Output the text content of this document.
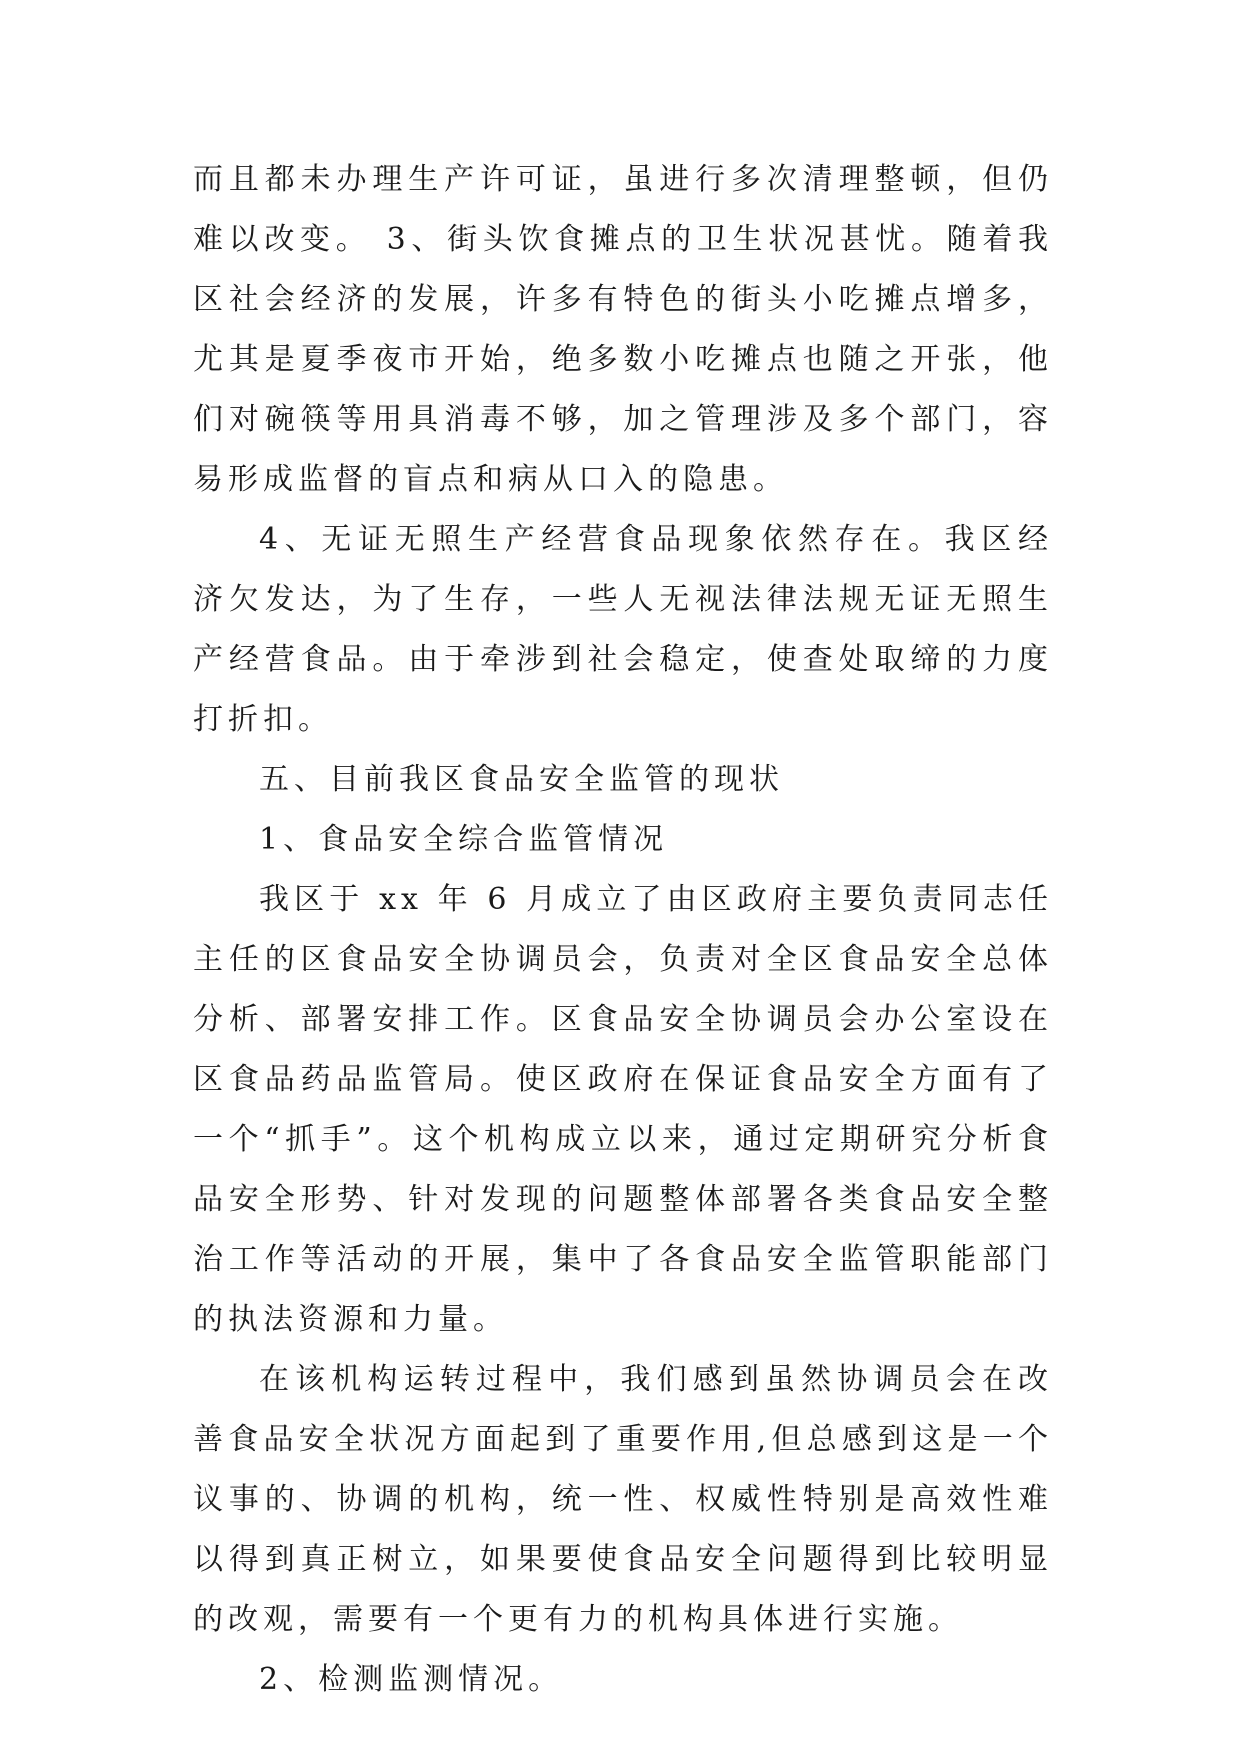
而且都未办理生产许可证，虽进行多次清理整顿，但仍难以改变。 3、街头饮食摊点的卫生状况甚忧。随着我区社会经济的发展，许多有特色的街头小吃摊点增多，尤其是夏季夜市开始，绝多数小吃摊点也随之开张，他们对碗筷等用具消毒不够，加之管理涉及多个部门，容易形成监督的盲点和病从口入的隐患。

4、无证无照生产经营食品现象依然存在。我区经济欠发达，为了生存，一些人无视法律法规无证无照生产经营食品。由于牵涉到社会稳定，使查处取缔的力度打折扣。

五、目前我区食品安全监管的现状

1、食品安全综合监管情况

我区于 xx 年 6 月成立了由区政府主要负责同志任主任的区食品安全协调员会，负责对全区食品安全总体分析、部署安排工作。区食品安全协调员会办公室设在区食品药品监管局。使区政府在保证食品安全方面有了一个“抓手”。这个机构成立以来，通过定期研究分析食品安全形势、针对发现的问题整体部署各类食品安全整治工作等活动的开展，集中了各食品安全监管职能部门的执法资源和力量。

在该机构运转过程中，我们感到虽然协调员会在改善食品安全状况方面起到了重要作用,但总感到这是一个议事的、协调的机构，统一性、权威性特别是高效性难以得到真正树立，如果要使食品安全问题得到比较明显的改观，需要有一个更有力的机构具体进行实施。

2、检测监测情况。
